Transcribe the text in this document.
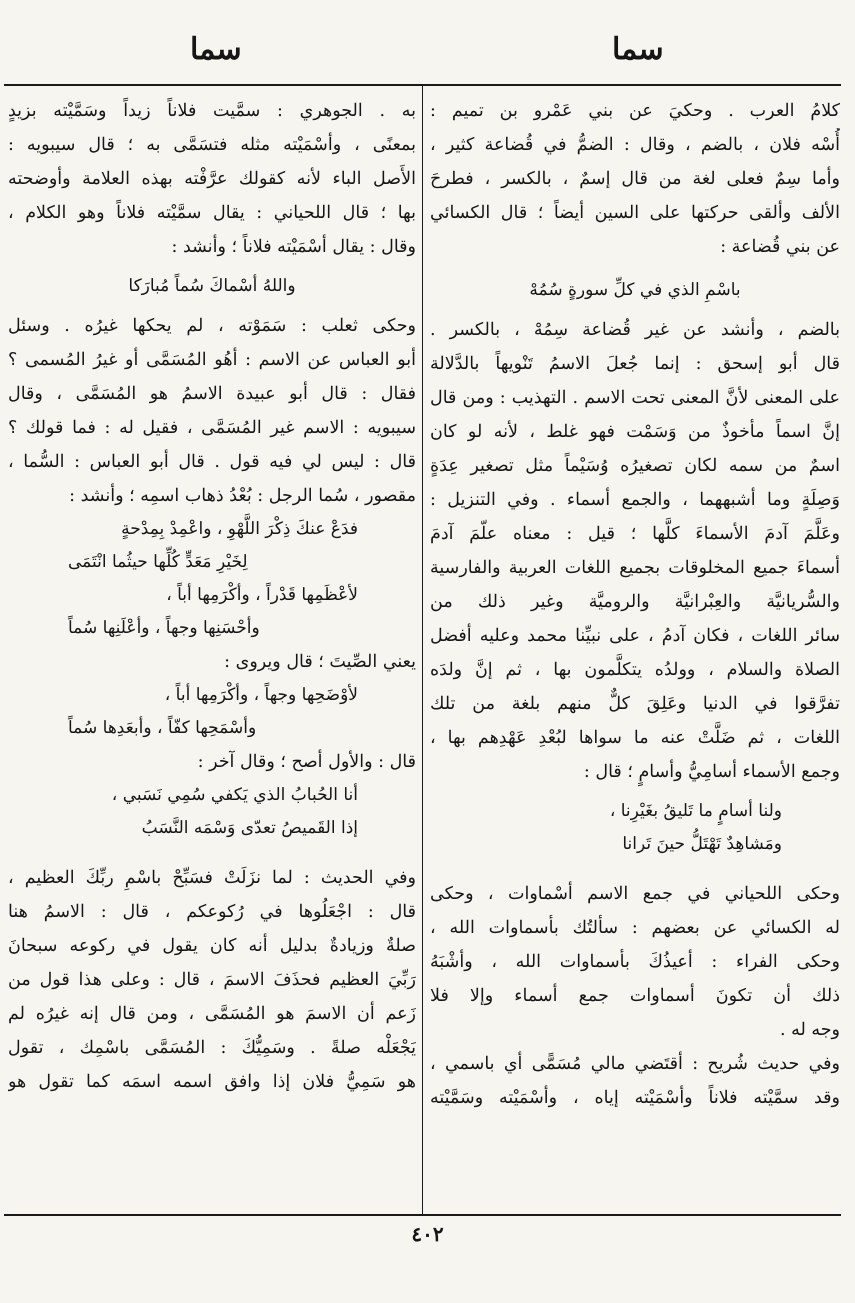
سما
سما
كلامُ العرب . وحكيَ عن بني عَمْرو بن تميم :
أُسْه فلان ، بالضم ، وقال : الضمُّ في قُضاعة كثير ،
وأما سِمٌ فعلى لغة من قال إسمٌ ، بالكسر ، فطرحَ
الألف وألقى حركتها على السين أيضاً ؛ قال الكسائي
عن بني قُضاعة :
باسْمِ الذي في كلِّ سورةٍ سُمُهْ
بالضم ، وأنشد عن غير قُضاعة سِمُهْ ، بالكسر .
قال أبو إسحق : إنما جُعلَ الاسمُ تَنْويهاً بالدَّلالة
على المعنى لأنَّ المعنى تحت الاسم . التهذيب : ومن قال
إنَّ اسماً مأخوذٌ من وَسَمْت فهو غلط ، لأنه لو كان
اسمٌ من سمه لكان تصغيرُه وُسَيْماً مثل تصغير عِدَةٍ
وَصِلَةٍ وما أشبههما ، والجمع أسماء . وفي التنزيل :
وعَلَّمَ آدمَ الأسماءَ كلَّها ؛ قيل : معناه علّمَ آدمَ
أسماءَ جميع المخلوقات بجميع اللغات العربية والفارسية
والسُّريانيَّة والعِبْرانيَّة والروميَّة وغير ذلك من
سائر اللغات ، فكان آدمُ ، على نبيِّنا محمد وعليه أفضل
الصلاة والسلام ، وولدُه يتكلَّمون بها ، ثم إنَّ ولدَه
تفرَّقوا في الدنيا وعَلِقَ كلٌّ منهم بلغة من تلك
اللغات ، ثم ضَلَّتْ عنه ما سواها لبُعْدِ عَهْدِهم بها ،
وجمع الأسماء أسامِيُّ وأسامٍ ؛ قال :
ولنا أسامٍ ما تَليقُ بغَيْرِنا ،
ومَشاهِدٌ تَهْتَلُّ حينَ تَرانا
وحكى اللحياني في جمع الاسم أسْماوات ، وحكى
له الكسائي عن بعضهم : سألتُك بأسماوات الله ،
وحكى الفراء : أعيذُكَ بأسماوات الله ، وأشْبَهُ
ذلك أن تكونَ أسماوات جمع أسماء وإلا فلا
وجه له .
وفي حديث شُريح : أقتَضي مالي مُسَمًّى أي باسمي ،
وقد سمَّيْته فلاناً وأسْمَيْته إياه ، وأسْمَيْته وسَمَّيْته
به . الجوهري : سمَّيت فلاناً زيداً وسَمَّيْته بزيدٍ
بمعنًى ، وأسْمَيْته مثله فتسَمَّى به ؛ قال سيبويه :
الأَصل الباء لأنه كقولك عرَّفْته بهذه العلامة وأوضحته
بها ؛ قال اللحياني : يقال سمَّيْته فلاناً وهو الكلام ،
وقال : يقال أسْمَيْته فلاناً ؛ وأنشد :
واللهُ أسْماكَ سُماً مُبارَكا
وحكى ثعلب : سَمَوْته ، لم يحكها غيرُه . وسئل
أبو العباس عن الاسم : أهُو المُسَمَّى أو غيرُ المُسمى ؟
فقال : قال أبو عبيدة الاسمُ هو المُسَمَّى ، وقال
سيبويه : الاسم غير المُسَمَّى ، فقيل له : فما قولك ؟
قال : ليس لي فيه قول . قال أبو العباس : السُّما ،
مقصور ، سُما الرجل : بُعْدُ ذهاب اسمِه ؛ وأنشد :
فدَعْ عنكَ ذِكْرَ اللَّهْوِ ، واعْمِدْ بِمِدْحةٍ
لِخَيْرِ مَعَدٍّ كُلِّها حيثُما انْتَمَى
لأعْظَمِها قَدْراً ، وأكْرَمِها أباً ،
وأحْسَنِها وجهاً ، وأعْلَنِها سُماً
يعني الصِّيتَ ؛ قال ويروى :
لأوْضَحِها وجهاً ، وأكْرَمِها أباً ،
وأسْمَحِها كفّاً ، وأبعَدِها سُماً
قال : والأول أصح ؛ وقال آخر :
أنا الحُبابُ الذي يَكفي سُمِي نَسَبي ،
إذا القَميصُ تعدّى وَسْمَه النَّسَبُ
وفي الحديث : لما نزَلَتْ فسَبِّحْ باسْمِ ربِّكَ العظيم ،
قال : اجْعَلُوها في رُكوعكم ، قال : الاسمُ هنا
صلةٌ وزيادةٌ بدليل أنه كان يقول في ركوعه سبحانَ
رَبِّيَ العظيم فحذَفَ الاسمَ ، قال : وعلى هذا قول من
زَعم أن الاسمَ هو المُسَمَّى ، ومن قال إنه غيرُه لم
يَجْعَلْه صلةً . وسَمِيُّكَ : المُسَمَّى باسْمِك ، تقول
هو سَمِيُّ فلان إذا وافق اسمه اسمَه كما تقول هو
٤٠٢
